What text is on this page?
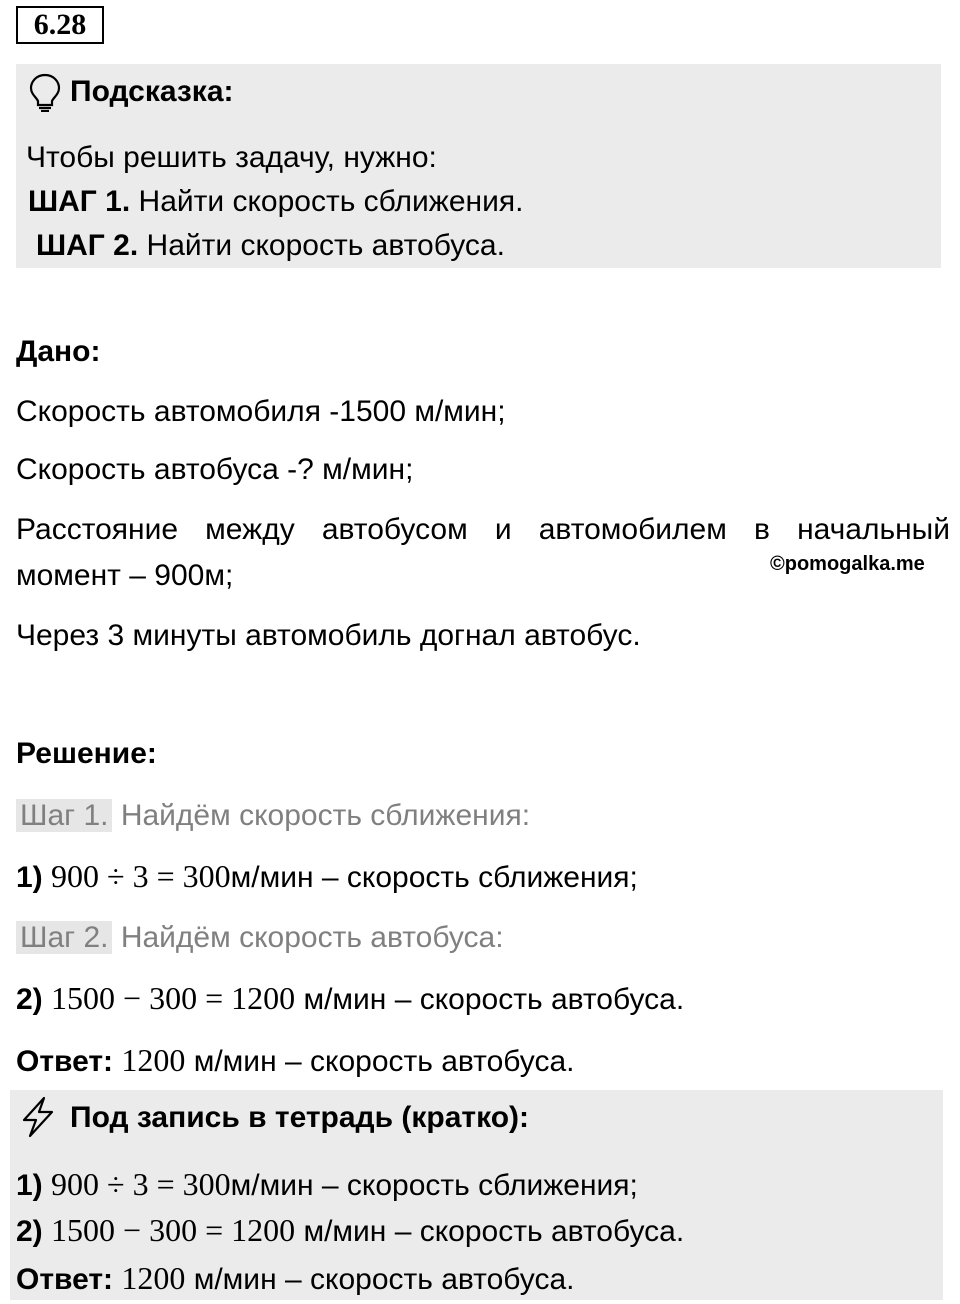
6.28
Подсказка:
Чтобы решить задачу, нужно:
ШАГ 1. Найти скорость сближения.
ШАГ 2. Найти скорость автобуса.
Дано:
Скорость автомобиля -1500 м/мин;
Скорость автобуса -? м/мин;
Расстояние между автобусом и автомобилем в начальный
момент – 900м;	©pomogalka.me
Через 3 минуты автомобиль догнал автобус.
Решение:
Шаг 1. Найдём скорость сближения:
1) 900 ÷ 3 = 300м/мин – скорость сближения;
Шаг 2. Найдём скорость автобуса:
2) 1500 − 300 = 1200 м/мин – скорость автобуса.
Ответ: 1200 м/мин – скорость автобуса.
Под запись в тетрадь (кратко):
1) 900 ÷ 3 = 300м/мин – скорость сближения;
2) 1500 − 300 = 1200 м/мин – скорость автобуса.
Ответ: 1200 м/мин – скорость автобуса.
